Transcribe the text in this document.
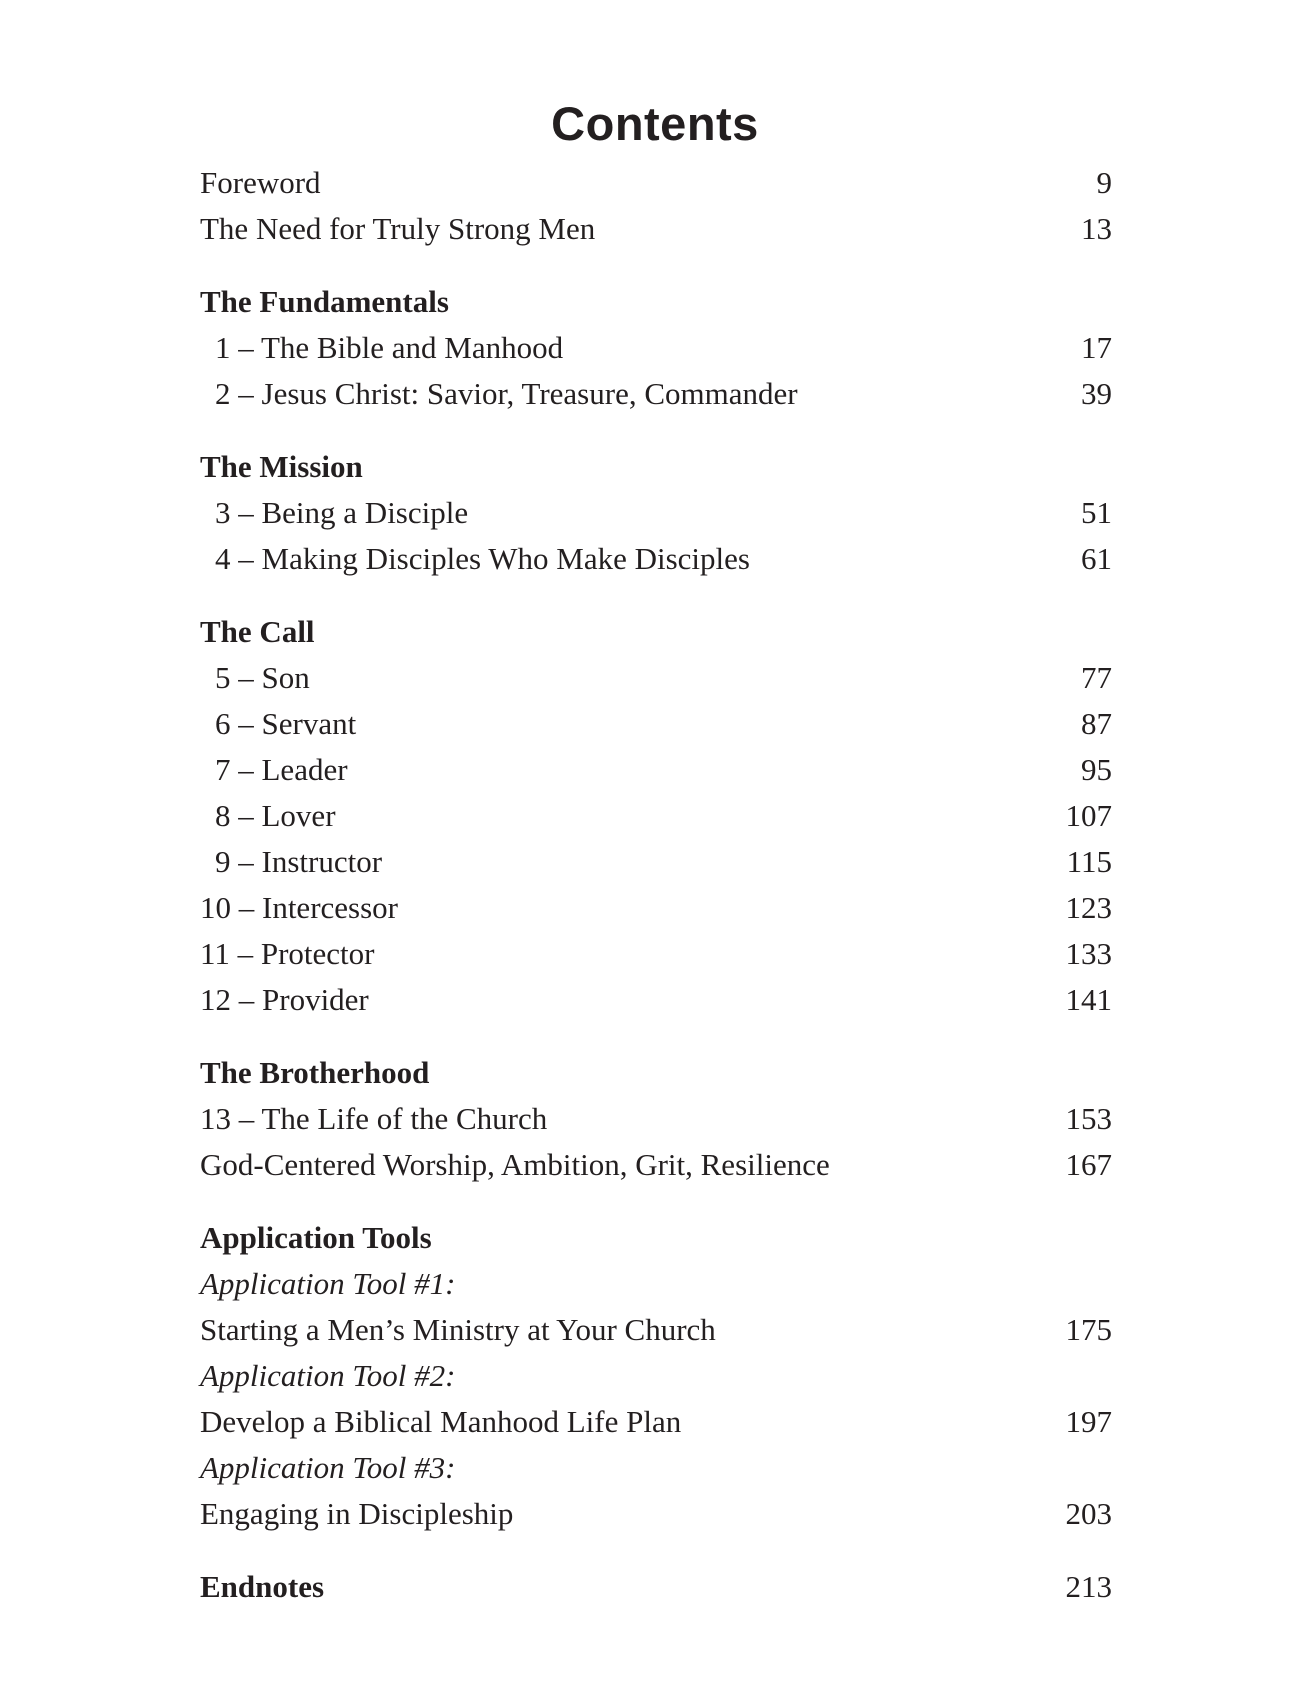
Contents
Foreword	9
The Need for Truly Strong Men	13
The Fundamentals
1 – The Bible and Manhood	17
2 – Jesus Christ: Savior, Treasure, Commander	39
The Mission
3 – Being a Disciple	51
4 – Making Disciples Who Make Disciples	61
The Call
5 – Son	77
6 – Servant	87
7 – Leader	95
8 – Lover	107
9 – Instructor	115
10 – Intercessor	123
11 – Protector	133
12 – Provider	141
The Brotherhood
13 – The Life of the Church	153
God-Centered Worship, Ambition, Grit, Resilience	167
Application Tools
Application Tool #1:
Starting a Men’s Ministry at Your Church	175
Application Tool #2:
Develop a Biblical Manhood Life Plan	197
Application Tool #3:
Engaging in Discipleship	203
Endnotes	213
